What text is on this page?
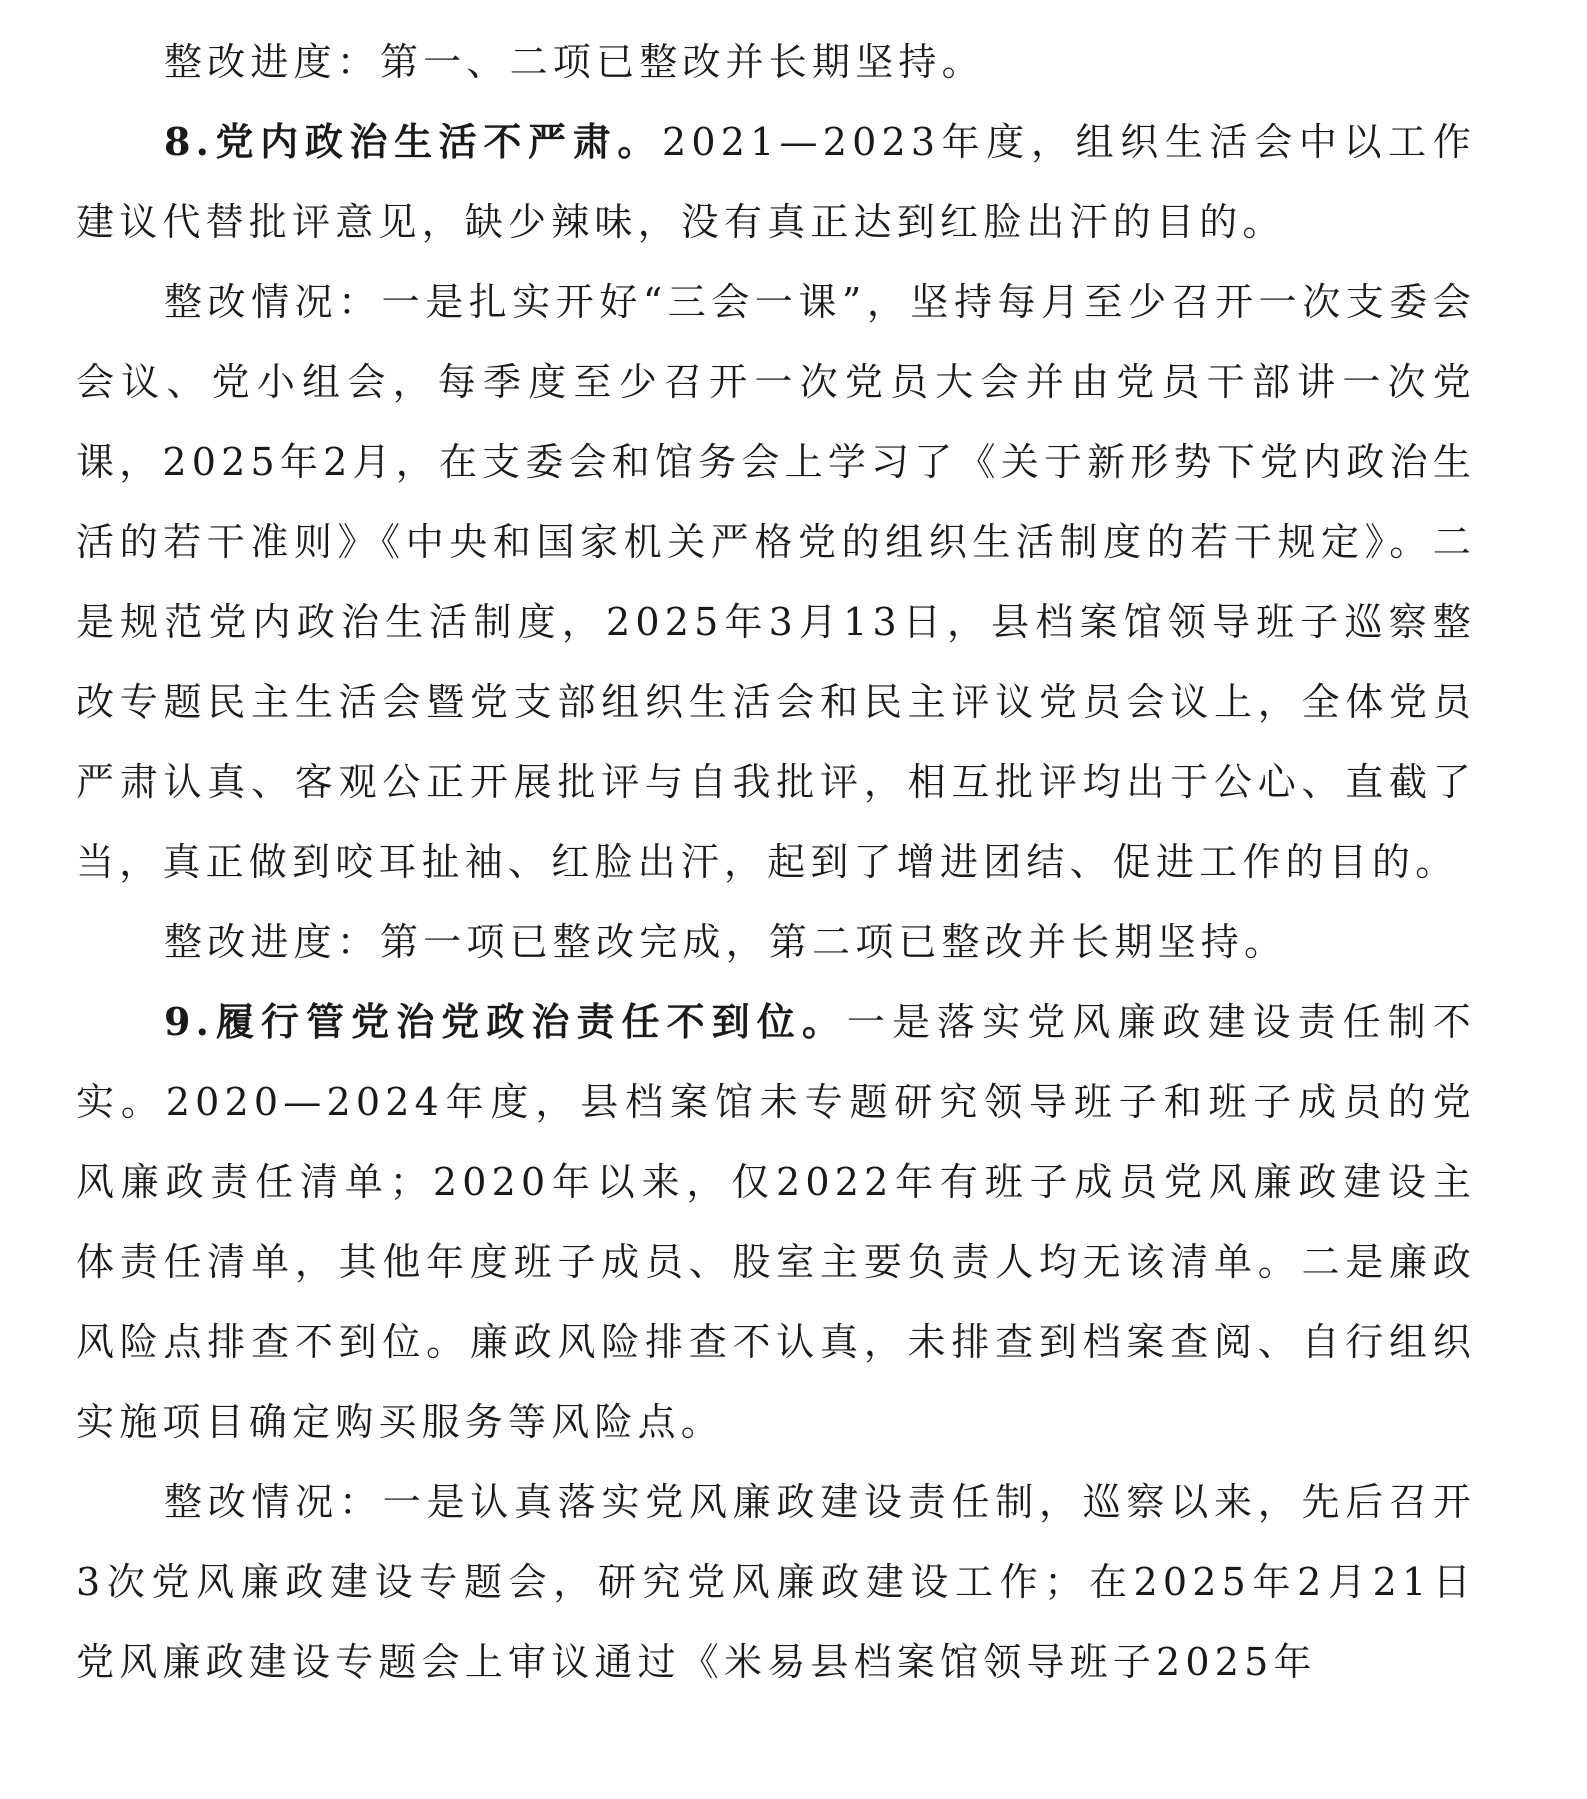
整改进度：第一、二项已整改并长期坚持。

8.党内政治生活不严肃。2021—2023年度，组织生活会中以工作建议代替批评意见，缺少辣味，没有真正达到红脸出汗的目的。

整改情况：一是扎实开好“三会一课”，坚持每月至少召开一次支委会会议、党小组会，每季度至少召开一次党员大会并由党员干部讲一次党课，2025年2月，在支委会和馆务会上学习了《关于新形势下党内政治生活的若干准则》《中央和国家机关严格党的组织生活制度的若干规定》。二是规范党内政治生活制度，2025年3月13日，县档案馆领导班子巡察整改专题民主生活会暨党支部组织生活会和民主评议党员会议上，全体党员严肃认真、客观公正开展批评与自我批评，相互批评均出于公心、直截了当，真正做到咬耳扯袖、红脸出汗，起到了增进团结、促进工作的目的。

整改进度：第一项已整改完成，第二项已整改并长期坚持。

9.履行管党治党政治责任不到位。一是落实党风廉政建设责任制不实。2020—2024年度，县档案馆未专题研究领导班子和班子成员的党风廉政责任清单；2020年以来，仅2022年有班子成员党风廉政建设主体责任清单，其他年度班子成员、股室主要负责人均无该清单。二是廉政风险点排查不到位。廉政风险排查不认真，未排查到档案查阅、自行组织实施项目确定购买服务等风险点。

整改情况：一是认真落实党风廉政建设责任制，巡察以来，先后召开3次党风廉政建设专题会，研究党风廉政建设工作；在2025年2月21日党风廉政建设专题会上审议通过《米易县档案馆领导班子2025年
